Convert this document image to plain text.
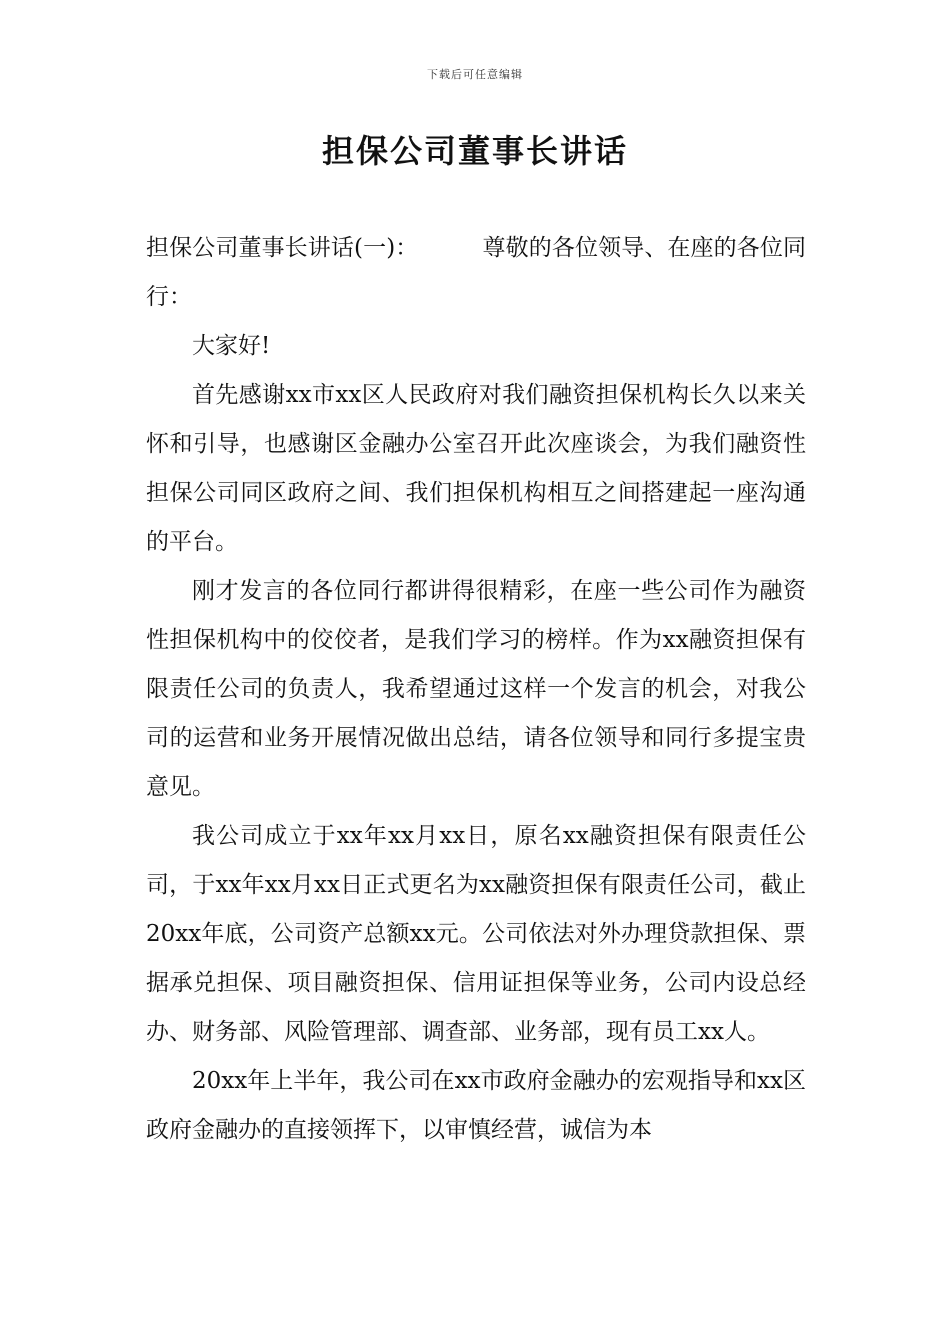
下载后可任意编辑
担保公司董事长讲话

担保公司董事长讲话(一)：	尊敬的各位领导、在座的各位同行：

大家好!

首先感谢xx市xx区人民政府对我们融资担保机构长久以来关怀和引导，也感谢区金融办公室召开此次座谈会，为我们融资性担保公司同区政府之间、我们担保机构相互之间搭建起一座沟通的平台。

刚才发言的各位同行都讲得很精彩，在座一些公司作为融资性担保机构中的佼佼者，是我们学习的榜样。作为xx融资担保有限责任公司的负责人，我希望通过这样一个发言的机会，对我公司的运营和业务开展情况做出总结，请各位领导和同行多提宝贵意见。

我公司成立于xx年xx月xx日，原名xx融资担保有限责任公司，于xx年xx月xx日正式更名为xx融资担保有限责任公司，截止20xx年底，公司资产总额xx元。公司依法对外办理贷款担保、票据承兑担保、项目融资担保、信用证担保等业务，公司内设总经办、财务部、风险管理部、调查部、业务部，现有员工xx人。

20xx年上半年，我公司在xx市政府金融办的宏观指导和xx区政府金融办的直接领挥下，以审慎经营，诚信为本
